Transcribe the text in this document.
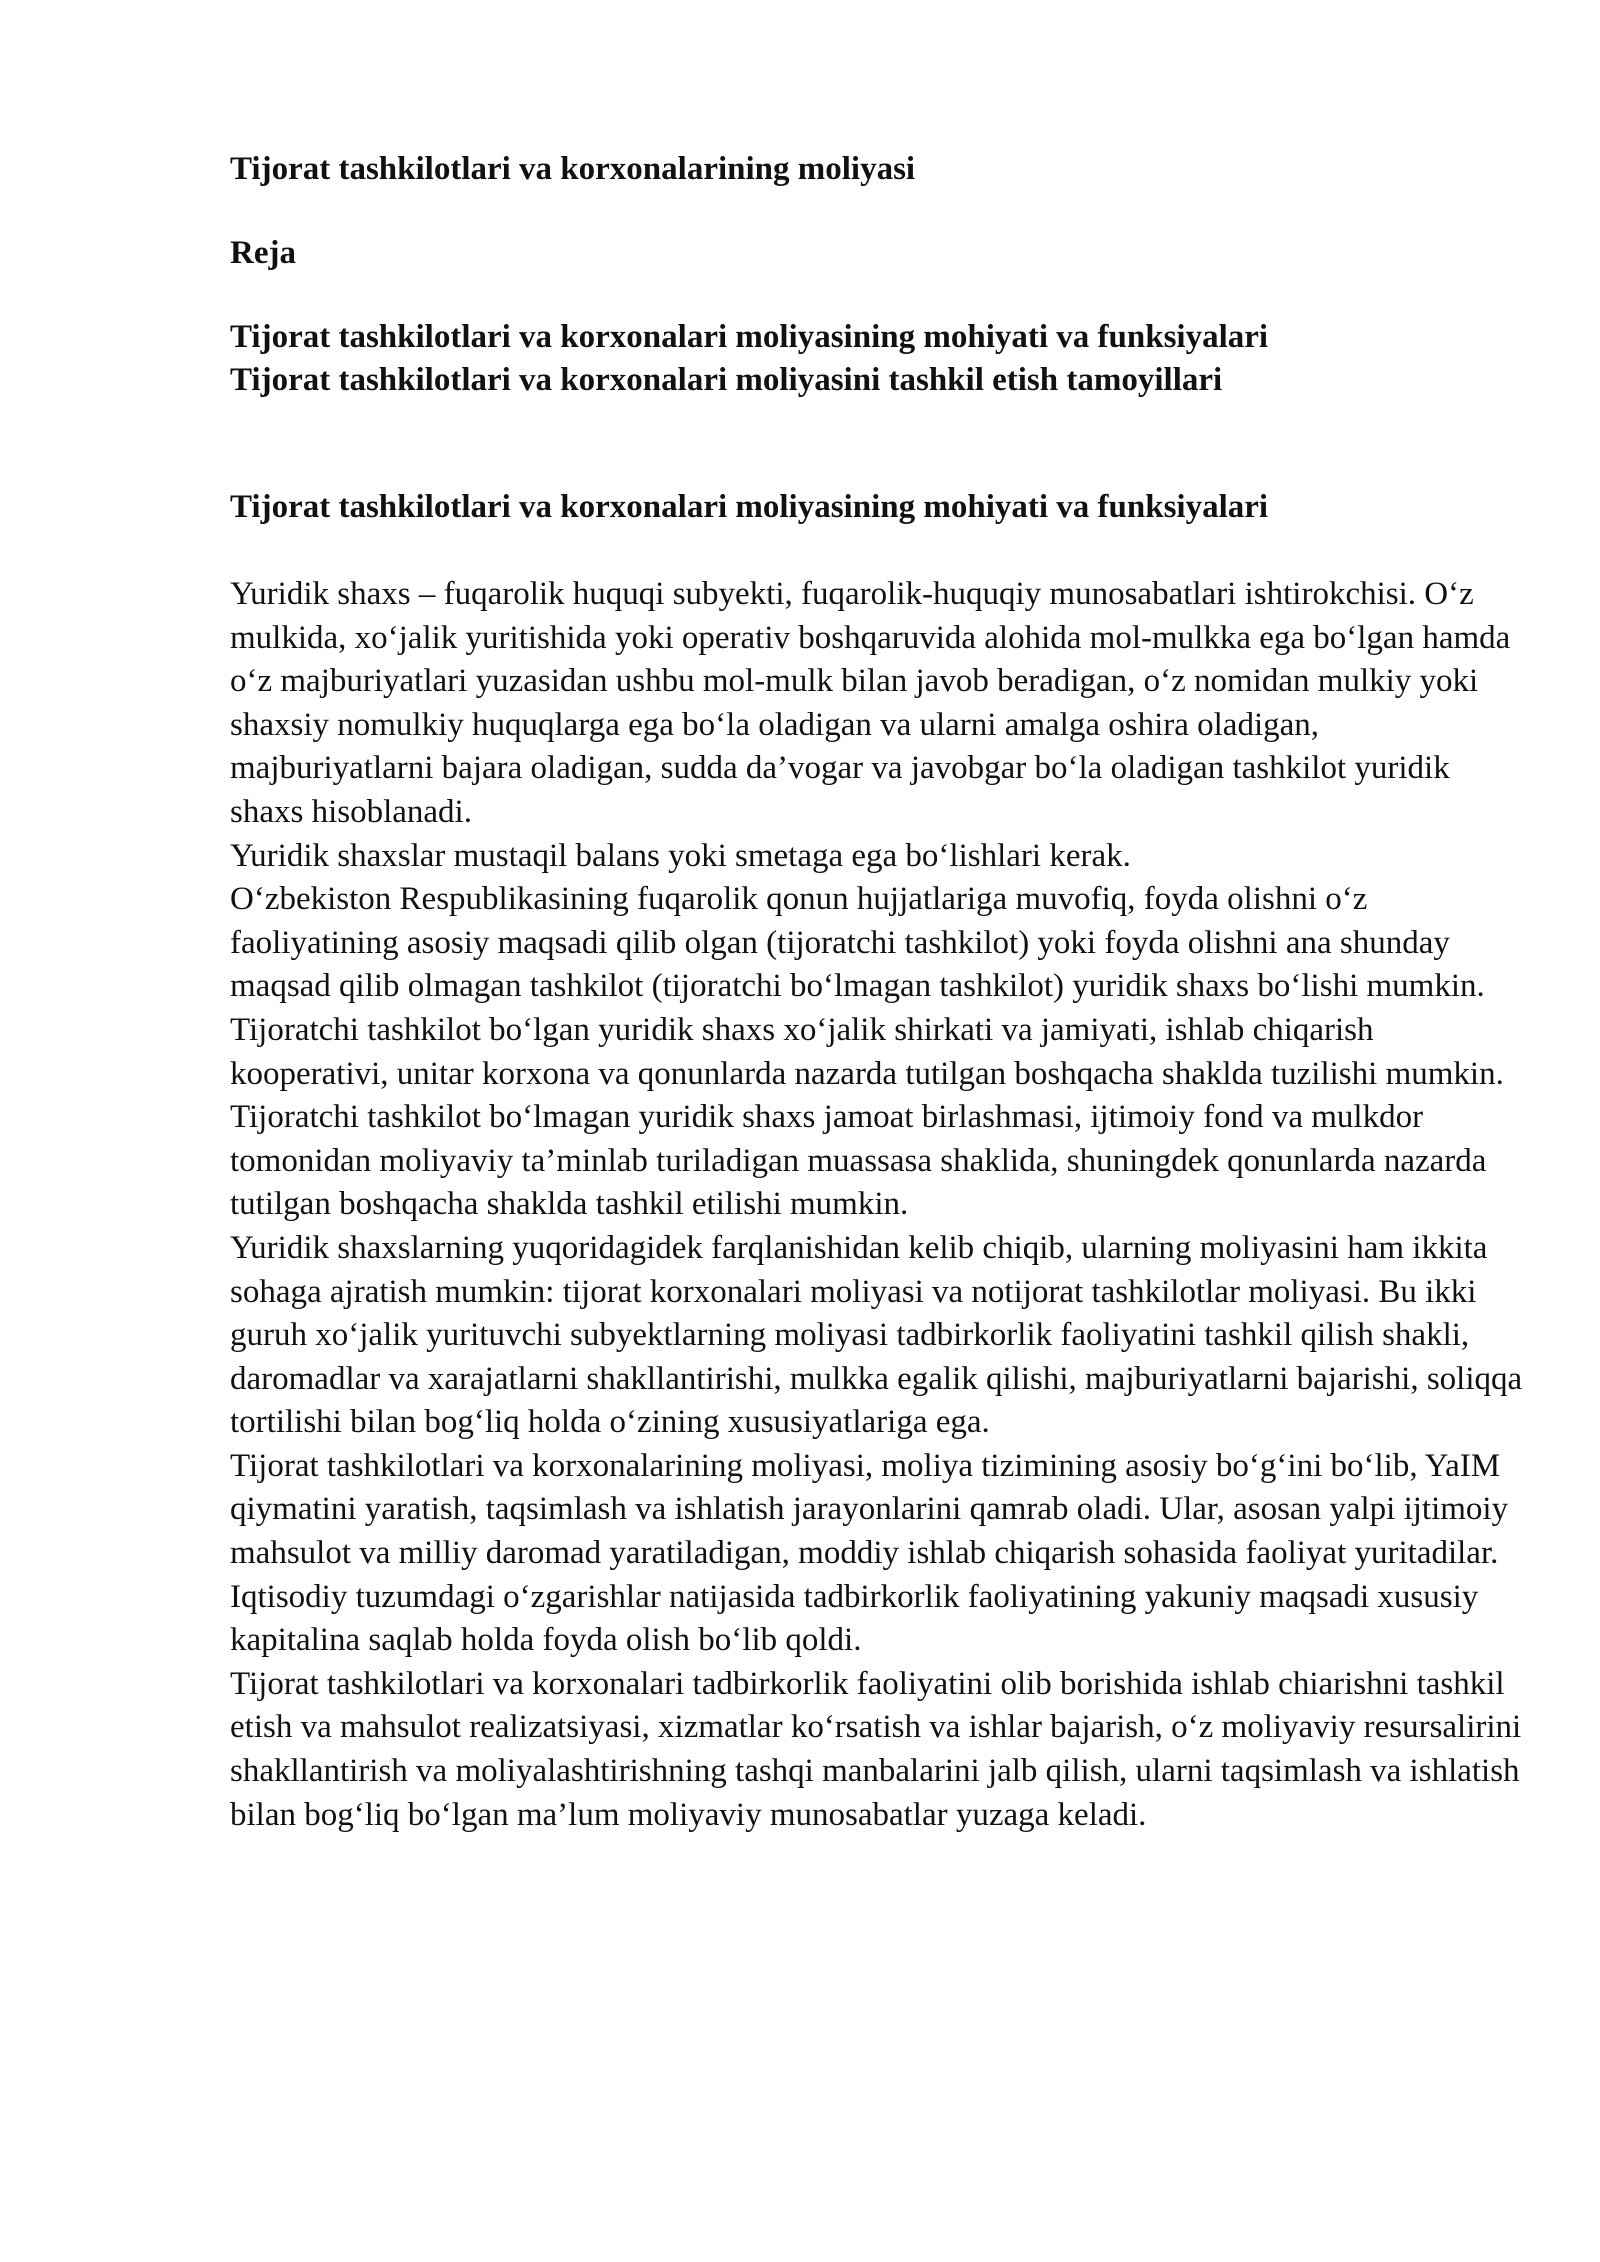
Tijorat tashkilotlari va korxonalarining moliyasi
Reja
Tijorat tashkilotlari va korxonalari moliyasining mohiyati va funksiyalari
Tijorat tashkilotlari va korxonalari moliyasini tashkil etish tamoyillari
Tijorat tashkilotlari va korxonalari moliyasining mohiyati va funksiyalari

Yuridik shaxs – fuqarolik huquqi subyekti, fuqarolik-huquqiy munosabatlari ishtirokchisi. O‘z mulkida, xo‘jalik yuritishida yoki operativ boshqaruvida alohida mol-mulkka ega bo‘lgan hamda o‘z majburiyatlari yuzasidan ushbu mol-mulk bilan javob beradigan, o‘z nomidan mulkiy yoki shaxsiy nomulkiy huquqlarga ega bo‘la oladigan va ularni amalga oshira oladigan, majburiyatlarni bajara oladigan, sudda da’vogar va javobgar bo‘la oladigan tashkilot yuridik shaxs hisoblanadi.

Yuridik shaxslar mustaqil balans yoki smetaga ega bo‘lishlari kerak.

O‘zbekiston Respublikasining fuqarolik qonun hujjatlariga muvofiq, foyda olishni o‘z faoliyatining asosiy maqsadi qilib olgan (tijoratchi tashkilot) yoki foyda olishni ana shunday maqsad qilib olmagan tashkilot (tijoratchi bo‘lmagan tashkilot) yuridik shaxs bo‘lishi mumkin.

Tijoratchi tashkilot bo‘lgan yuridik shaxs xo‘jalik shirkati va jamiyati, ishlab chiqarish kooperativi, unitar korxona va qonunlarda nazarda tutilgan boshqacha shaklda tuzilishi mumkin.

Tijoratchi tashkilot bo‘lmagan yuridik shaxs jamoat birlashmasi, ijtimoiy fond va mulkdor tomonidan moliyaviy ta’minlab turiladigan muassasa shaklida, shuningdek qonunlarda nazarda tutilgan boshqacha shaklda tashkil etilishi mumkin.

Yuridik shaxslarning yuqoridagidek farqlanishidan kelib chiqib, ularning moliyasini ham ikkita sohaga ajratish mumkin: tijorat korxonalari moliyasi va notijorat tashkilotlar moliyasi. Bu ikki guruh xo‘jalik yurituvchi subyektlarning moliyasi tadbirkorlik faoliyatini tashkil qilish shakli, daromadlar va xarajatlarni shakllantirishi, mulkka egalik qilishi, majburiyatlarni bajarishi, soliqqa tortilishi bilan bog‘liq holda o‘zining xususiyatlariga ega.

Tijorat tashkilotlari va korxonalarining moliyasi, moliya tizimining asosiy bo‘g‘ini bo‘lib, YaIM qiymatini yaratish, taqsimlash va ishlatish jarayonlarini qamrab oladi. Ular, asosan yalpi ijtimoiy mahsulot va milliy daromad yaratiladigan, moddiy ishlab chiqarish sohasida faoliyat yuritadilar.

Iqtisodiy tuzumdagi o‘zgarishlar natijasida tadbirkorlik faoliyatining yakuniy maqsadi xususiy kapitalina saqlab holda foyda olish bo‘lib qoldi.

Tijorat tashkilotlari va korxonalari tadbirkorlik faoliyatini olib borishida ishlab chiarishni tashkil etish va mahsulot realizatsiyasi, xizmatlar ko‘rsatish va ishlar bajarish, o‘z moliyaviy resursalirini shakllantirish va moliyalashtirishning tashqi manbalarini jalb qilish, ularni taqsimlash va ishlatish bilan bog‘liq bo‘lgan ma’lum moliyaviy munosabatlar yuzaga keladi.
